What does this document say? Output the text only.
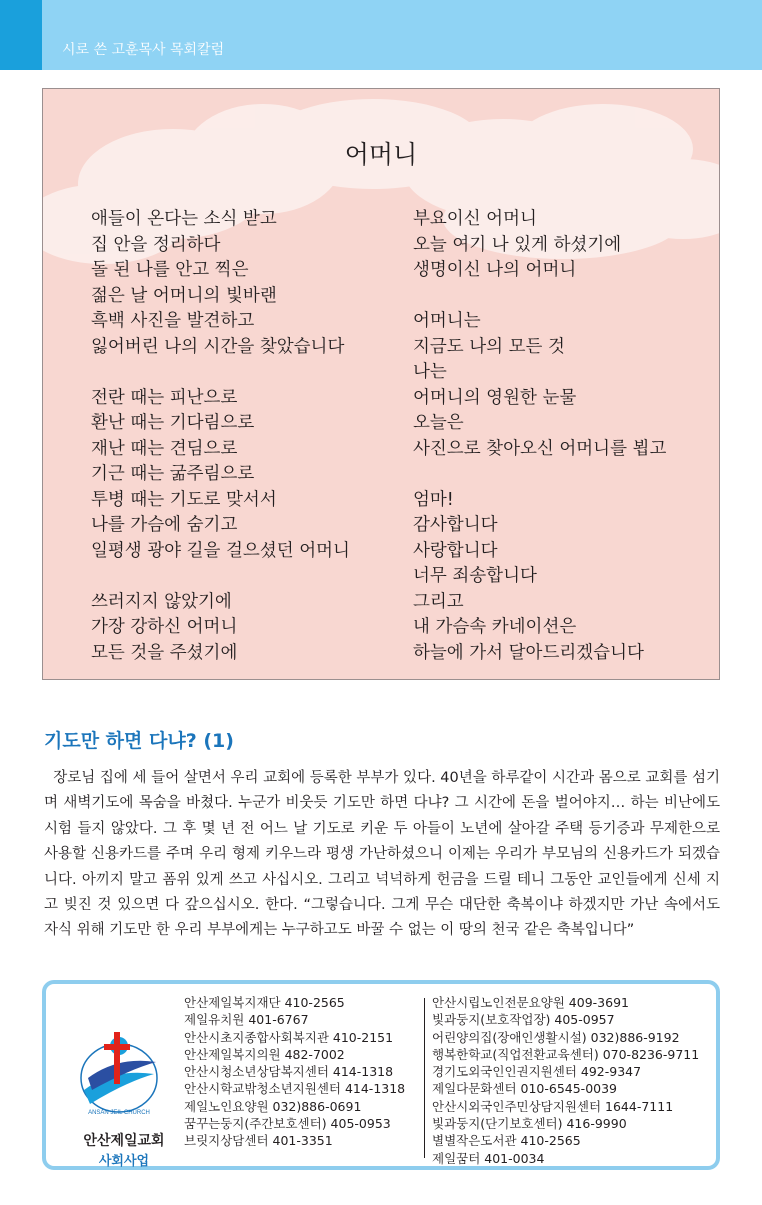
시로 쓴 고훈목사 목회칼럼
어머니
애들이 온다는 소식 받고
집 안을 정리하다
돌 된 나를 안고 찍은
젊은 날 어머니의 빛바랜
흑백 사진을 발견하고
잃어버린 나의 시간을 찾았습니다
전란 때는 피난으로
환난 때는 기다림으로
재난 때는 견딤으로
기근 때는 굶주림으로
투병 때는 기도로 맞서서
나를 가슴에 숨기고
일평생 광야 길을 걸으셨던 어머니
쓰러지지 않았기에
가장 강하신 어머니
모든 것을 주셨기에
부요이신 어머니
오늘 여기 나 있게 하셨기에
생명이신 나의 어머니
어머니는
지금도 나의 모든 것
나는
어머니의 영원한 눈물
오늘은
사진으로 찾아오신 어머니를 뵙고
엄마!
감사합니다
사랑합니다
너무 죄송합니다
그리고
내 가슴속 카네이션은
하늘에 가서 달아드리겠습니다
기도만 하면 다냐? (1)
장로님 집에 세 들어 살면서 우리 교회에 등록한 부부가 있다. 40년을 하루같이 시간과 몸으로 교회를 섬기며 새벽기도에 목숨을 바쳤다. 누군가 비웃듯 기도만 하면 다냐? 그 시간에 돈을 벌어야지… 하는 비난에도 시험 들지 않았다. 그 후 몇 년 전 어느 날 기도로 키운 두 아들이 노년에 살아갈 주택 등기증과 무제한으로 사용할 신용카드를 주며 우리 형제 키우느라 평생 가난하셨으니 이제는 우리가 부모님의 신용카드가 되겠습니다. 아끼지 말고 폼위 있게 쓰고 사십시오. 그리고 넉넉하게 헌금을 드릴 테니 그동안 교인들에게 신세 지고 빚진 것 있으면 다 갚으십시오. 한다. “그렇습니다. 그게 무슨 대단한 축복이냐 하겠지만 가난 속에서도 자식 위해 기도만 한 우리 부부에게는 누구하고도 바꿀 수 없는 이 땅의 천국 같은 축복입니다”
ANSAN JEIL CHURCH
안산제일교회
사회사업
안산제일복지재단 410-2565
제일유치원 401-6767
안산시초지종합사회복지관 410-2151
안산제일복지의원 482-7002
안산시청소년상담복지센터 414-1318
안산시학교밖청소년지원센터 414-1318
제일노인요양원 032)886-0691
꿈꾸는둥지(주간보호센터) 405-0953
브릿지상담센터 401-3351
안산시립노인전문요양원 409-3691
빛과둥지(보호작업장) 405-0957
어린양의집(장애인생활시설) 032)886-9192
행복한학교(직업전환교육센터) 070-8236-9711
경기도외국인인권지원센터 492-9347
제일다문화센터 010-6545-0039
안산시외국인주민상담지원센터 1644-7111
빛과둥지(단기보호센터) 416-9990
별별작은도서관 410-2565
제일꿈터 401-0034
